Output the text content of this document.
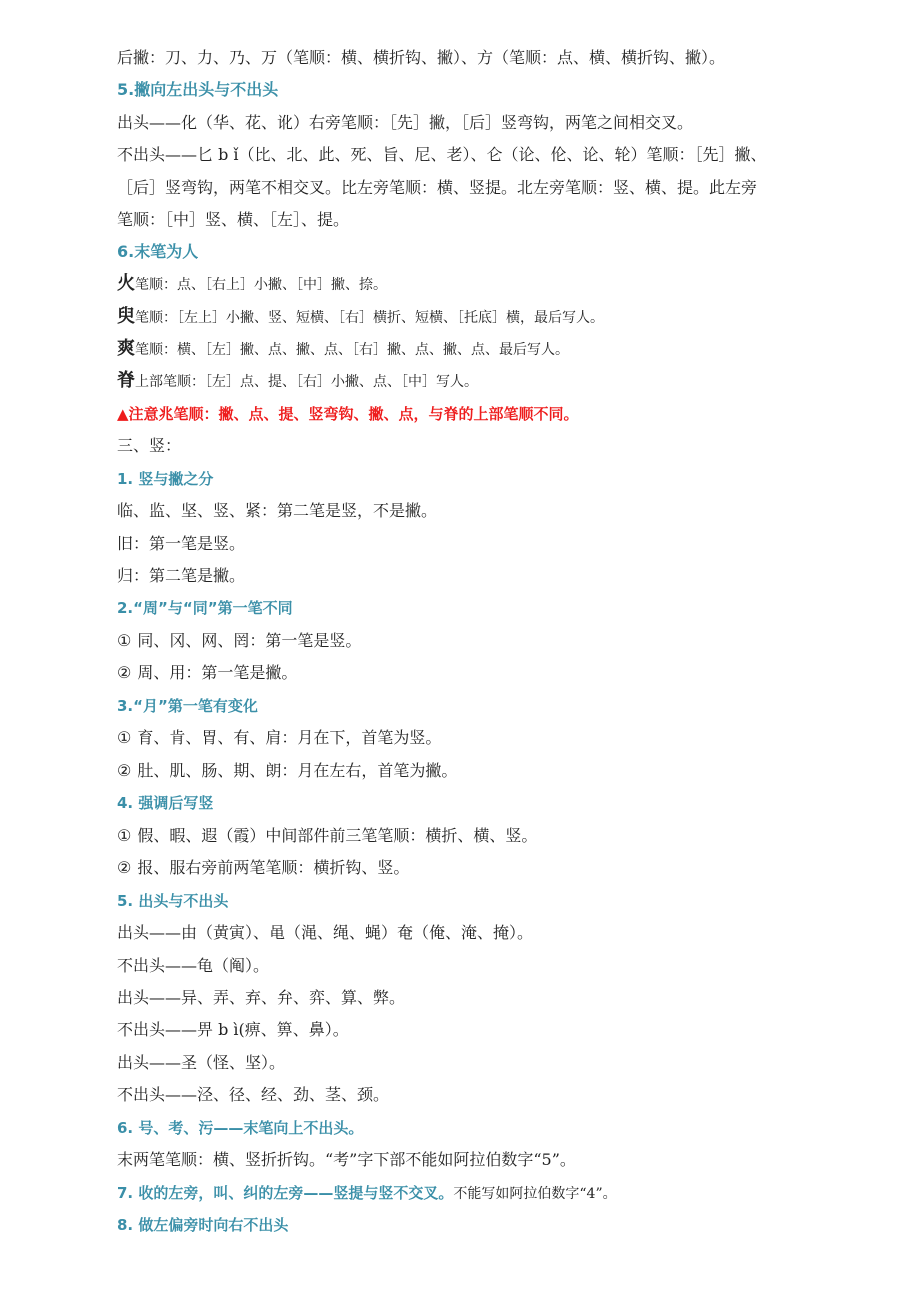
后撇：刀、力、乃、万（笔顺：横、横折钩、撇）、方（笔顺：点、横、横折钩、撇）。
5.撇向左出头与不出头
出头——化（华、花、讹）右旁笔顺：［先］撇，［后］竖弯钩，两笔之间相交叉。
不出头——匕 b ǐ（比、北、此、死、旨、尼、老）、仑（论、伦、论、轮）笔顺：［先］撇、
［后］竖弯钩，两笔不相交叉。比左旁笔顺：横、竖提。北左旁笔顺：竖、横、提。此左旁
笔顺：［中］竖、横、［左］、提。
6.末笔为人
火笔顺：点、［右上］小撇、［中］撇、捺。
臾笔顺：［左上］小撇、竖、短横、［右］横折、短横、［托底］横，最后写人。
爽笔顺：横、［左］撇、点、撇、点、［右］撇、点、撇、点、最后写人。
脊上部笔顺：［左］点、提、［右］小撇、点、［中］写人。
▲注意兆笔顺：撇、点、提、竖弯钩、撇、点，与脊的上部笔顺不同。
三、竖：
1. 竖与撇之分
临、监、坚、竖、紧：第二笔是竖，不是撇。
旧：第一笔是竖。
归：第二笔是撇。
2.“周”与“同”第一笔不同
① 同、冈、网、罔：第一笔是竖。
② 周、用：第一笔是撇。
3.“月”第一笔有变化
① 育、肯、胃、有、肩：月在下，首笔为竖。
② 肚、肌、肠、期、朗：月在左右，首笔为撇。
4. 强调后写竖
① 假、暇、遐（霞）中间部件前三笔笔顺：横折、横、竖。
② 报、服右旁前两笔笔顺：横折钩、竖。
5. 出头与不出头
出头——由（黄寅）、黾（渑、绳、蝇）奄（俺、淹、掩）。
不出头——龟（阄）。
出头——异、弄、弃、弁、弈、算、弊。
不出头——畀 b ì(痹、箅、鼻）。
出头——圣（怪、坚）。
不出头——泾、径、经、劲、茎、颈。
6. 号、考、污——末笔向上不出头。
末两笔笔顺：横、竖折折钩。“考”字下部不能如阿拉伯数字“5”。
7. 收的左旁，叫、纠的左旁——竖提与竖不交叉。不能写如阿拉伯数字“4”。
8. 做左偏旁时向右不出头
